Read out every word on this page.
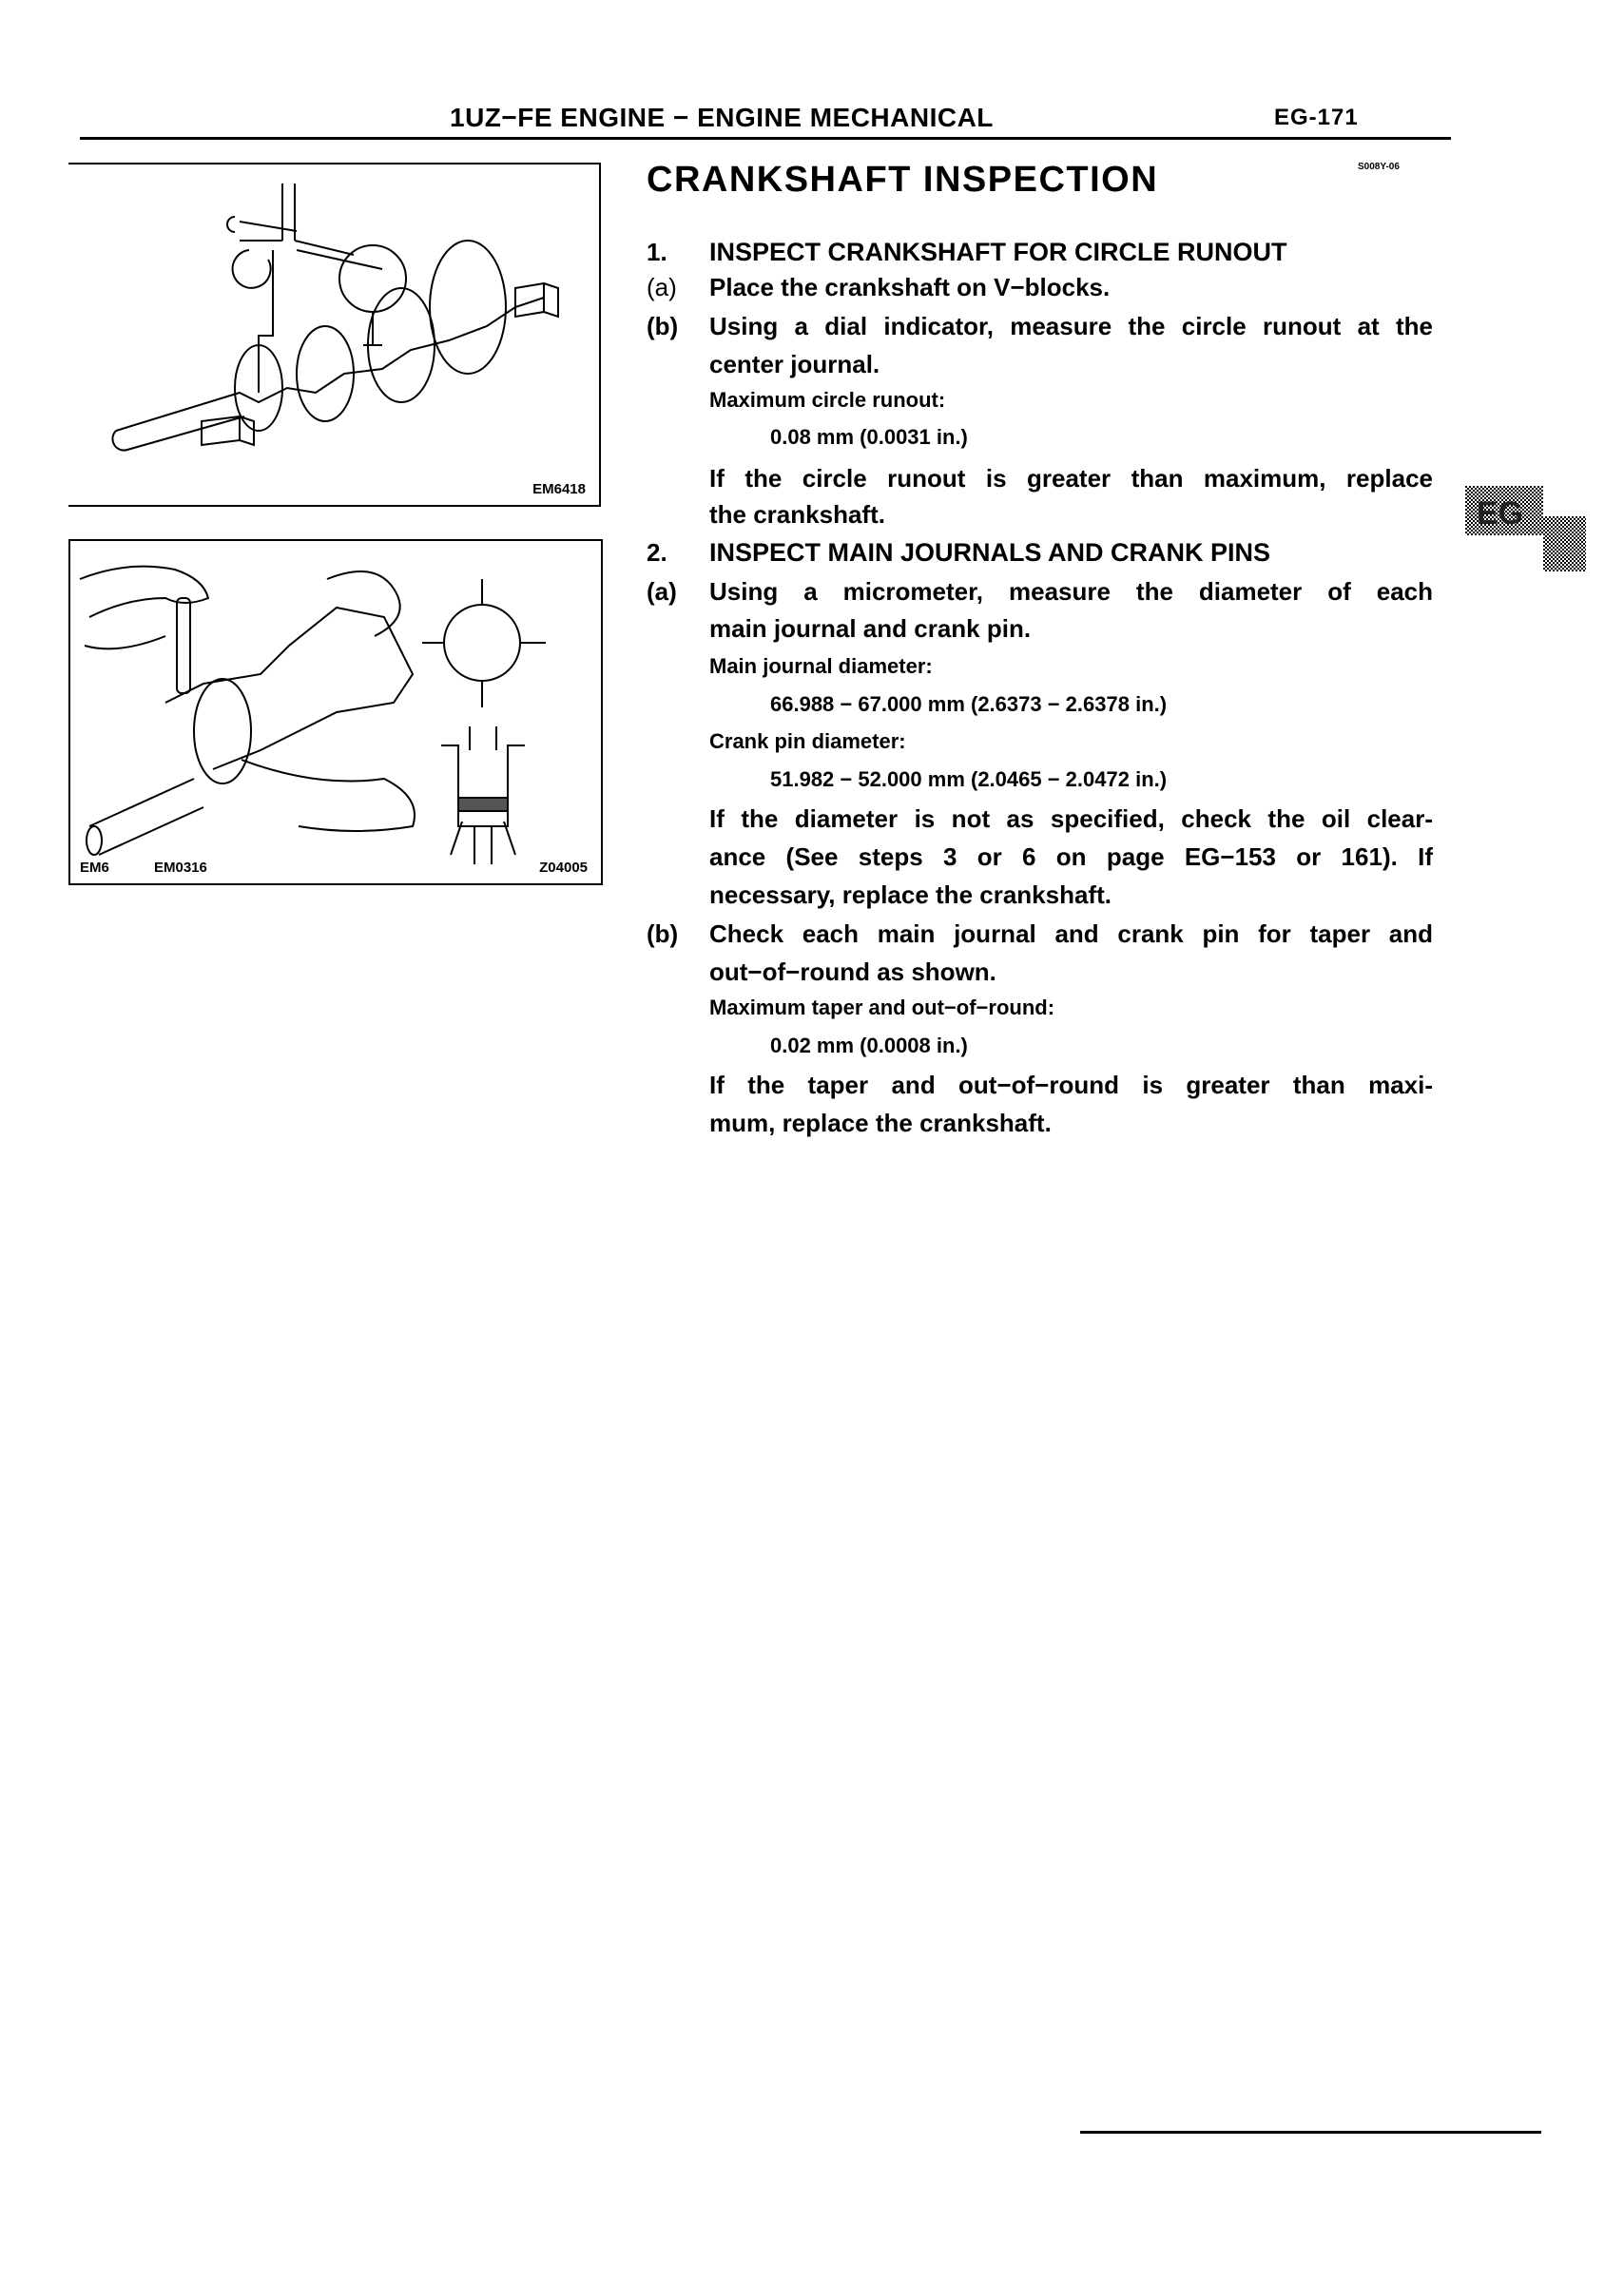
1UZ−FE ENGINE − ENGINE MECHANICAL	EG-171
CRANKSHAFT INSPECTION	S008Y-06
EM6418
EM6	EM0316	Z04005
EG
1. INSPECT CRANKSHAFT FOR CIRCLE RUNOUT
(a) Place the crankshaft on V−blocks.
(b) Using a dial indicator, measure the circle runout at the
center journal.
Maximum circle runout:
0.08 mm (0.0031 in.)
If the circle runout is greater than maximum, replace
the crankshaft.
2. INSPECT MAIN JOURNALS AND CRANK PINS
(a) Using a micrometer, measure the diameter of each
main journal and crank pin.
Main journal diameter:
66.988 − 67.000 mm (2.6373 − 2.6378 in.)
Crank pin diameter:
51.982 − 52.000 mm (2.0465 − 2.0472 in.)
If the diameter is not as specified, check the oil clear-
ance (See steps 3 or 6 on page EG−153 or 161). If
necessary, replace the crankshaft.
(b) Check each main journal and crank pin for taper and
out−of−round as shown.
Maximum taper and out−of−round:
0.02 mm (0.0008 in.)
If the taper and out−of−round is greater than maxi-
mum, replace the crankshaft.
